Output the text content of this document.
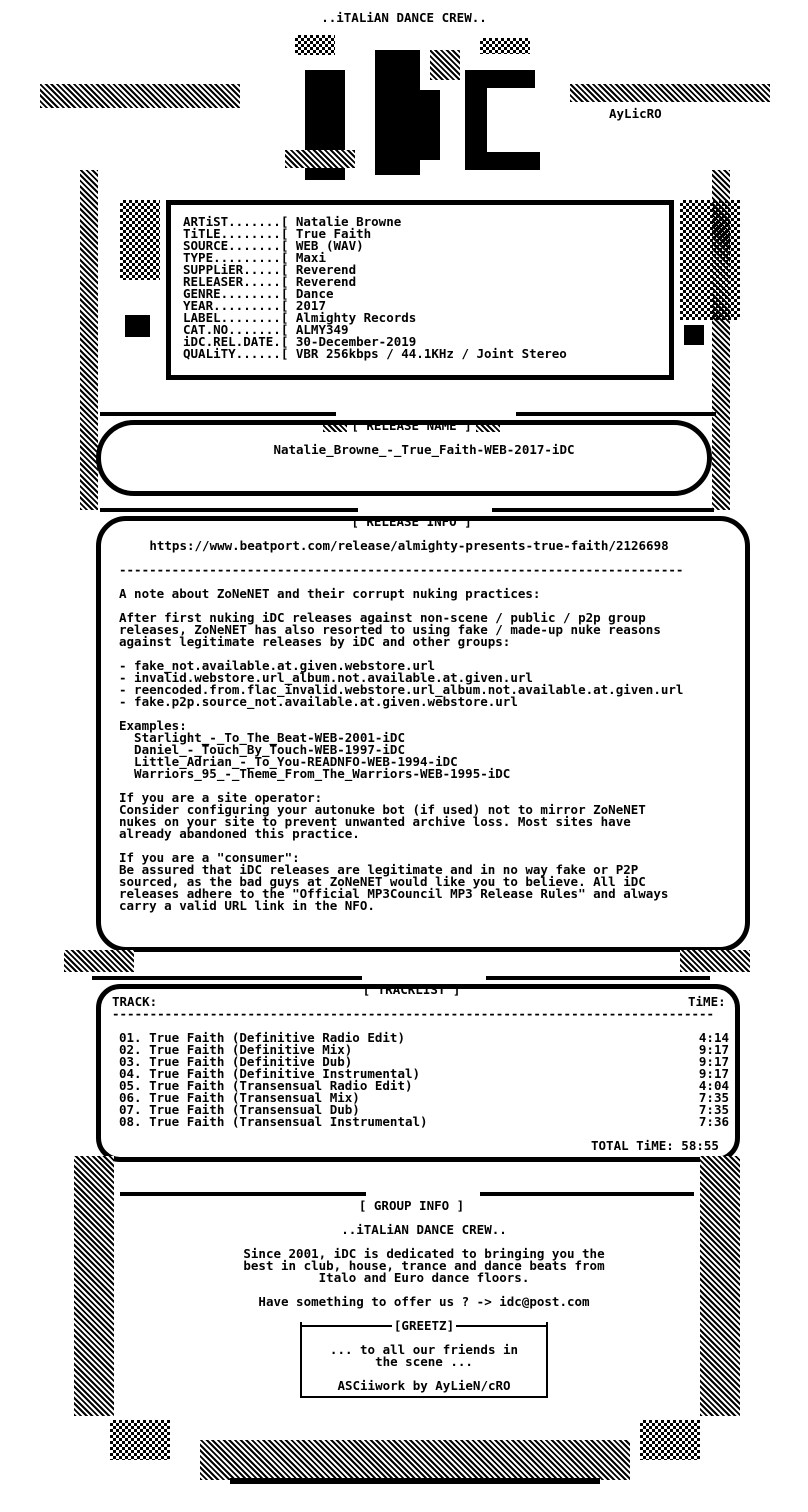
..iTALiAN DANCE CREW..
AyLicRO
ARTiST.......[ Natalie Browne
TiTLE........[ True Faith
SOURCE.......[ WEB (WAV)
TYPE.........[ Maxi
SUPPLiER.....[ Reverend
RELEASER.....[ Reverend
GENRE........[ Dance
YEAR.........[ 2017
LABEL........[ Almighty Records
CAT.NO.......[ ALMY349
iDC.REL.DATE.[ 30-December-2019
QUALiTY......[ VBR 256kbps / 44.1KHz / Joint Stereo

[ RELEASE NAME ]

Natalie_Browne_-_True_Faith-WEB-2017-iDC

[ RELEASE INFO ]

https://www.beatport.com/release/almighty-presents-true-faith/2126698
---------------------------------------------------------------------------
A note about ZoNeNET and their corrupt nuking practices:
After first nuking iDC releases against non-scene / public / p2p group
releases, ZoNeNET has also resorted to using fake / made-up nuke reasons
against legitimate releases by iDC and other groups:
- fake_not.available.at.given.webstore.url
- invalid.webstore.url_album.not.available.at.given.url
- reencoded.from.flac_invalid.webstore.url_album.not.available.at.given.url
- fake.p2p.source_not.available.at.given.webstore.url
Examples:
Starlight_-_To_The_Beat-WEB-2001-iDC
Daniel_-_Touch_By_Touch-WEB-1997-iDC
Little_Adrian_-_To_You-READNFO-WEB-1994-iDC
Warriors_95_-_Theme_From_The_Warriors-WEB-1995-iDC
If you are a site operator:
Consider configuring your autonuke bot (if used) not to mirror ZoNeNET
nukes on your site to prevent unwanted archive loss. Most sites have
already abandoned this practice.
If you are a "consumer":
Be assured that iDC releases are legitimate and in no way fake or P2P
sourced, as the bad guys at ZoNeNET would like you to believe. All iDC
releases adhere to the "Official MP3Council MP3 Release Rules" and always
carry a valid URL link in the NFO.

[ TRACKLIST ]

TRACK:	TiME:
--------------------------------------------------------------------------------
01. True Faith (Definitive Radio Edit)	4:14
02. True Faith (Definitive Mix)	9:17
03. True Faith (Definitive Dub)	9:17
04. True Faith (Definitive Instrumental)	9:17
05. True Faith (Transensual Radio Edit)	4:04
06. True Faith (Transensual Mix)	7:35
07. True Faith (Transensual Dub)	7:35
08. True Faith (Transensual Instrumental)	7:36
TOTAL TiME: 58:55

[ GROUP INFO ]

..iTALiAN DANCE CREW..
Since 2001, iDC is dedicated to bringing you the
best in club, house, trance and dance beats from
Italo and Euro dance floors.
Have something to offer us ? -> idc@post.com
[GREETZ]
... to all our friends in
the scene ...
ASCiiwork by AyLieN/cRO
